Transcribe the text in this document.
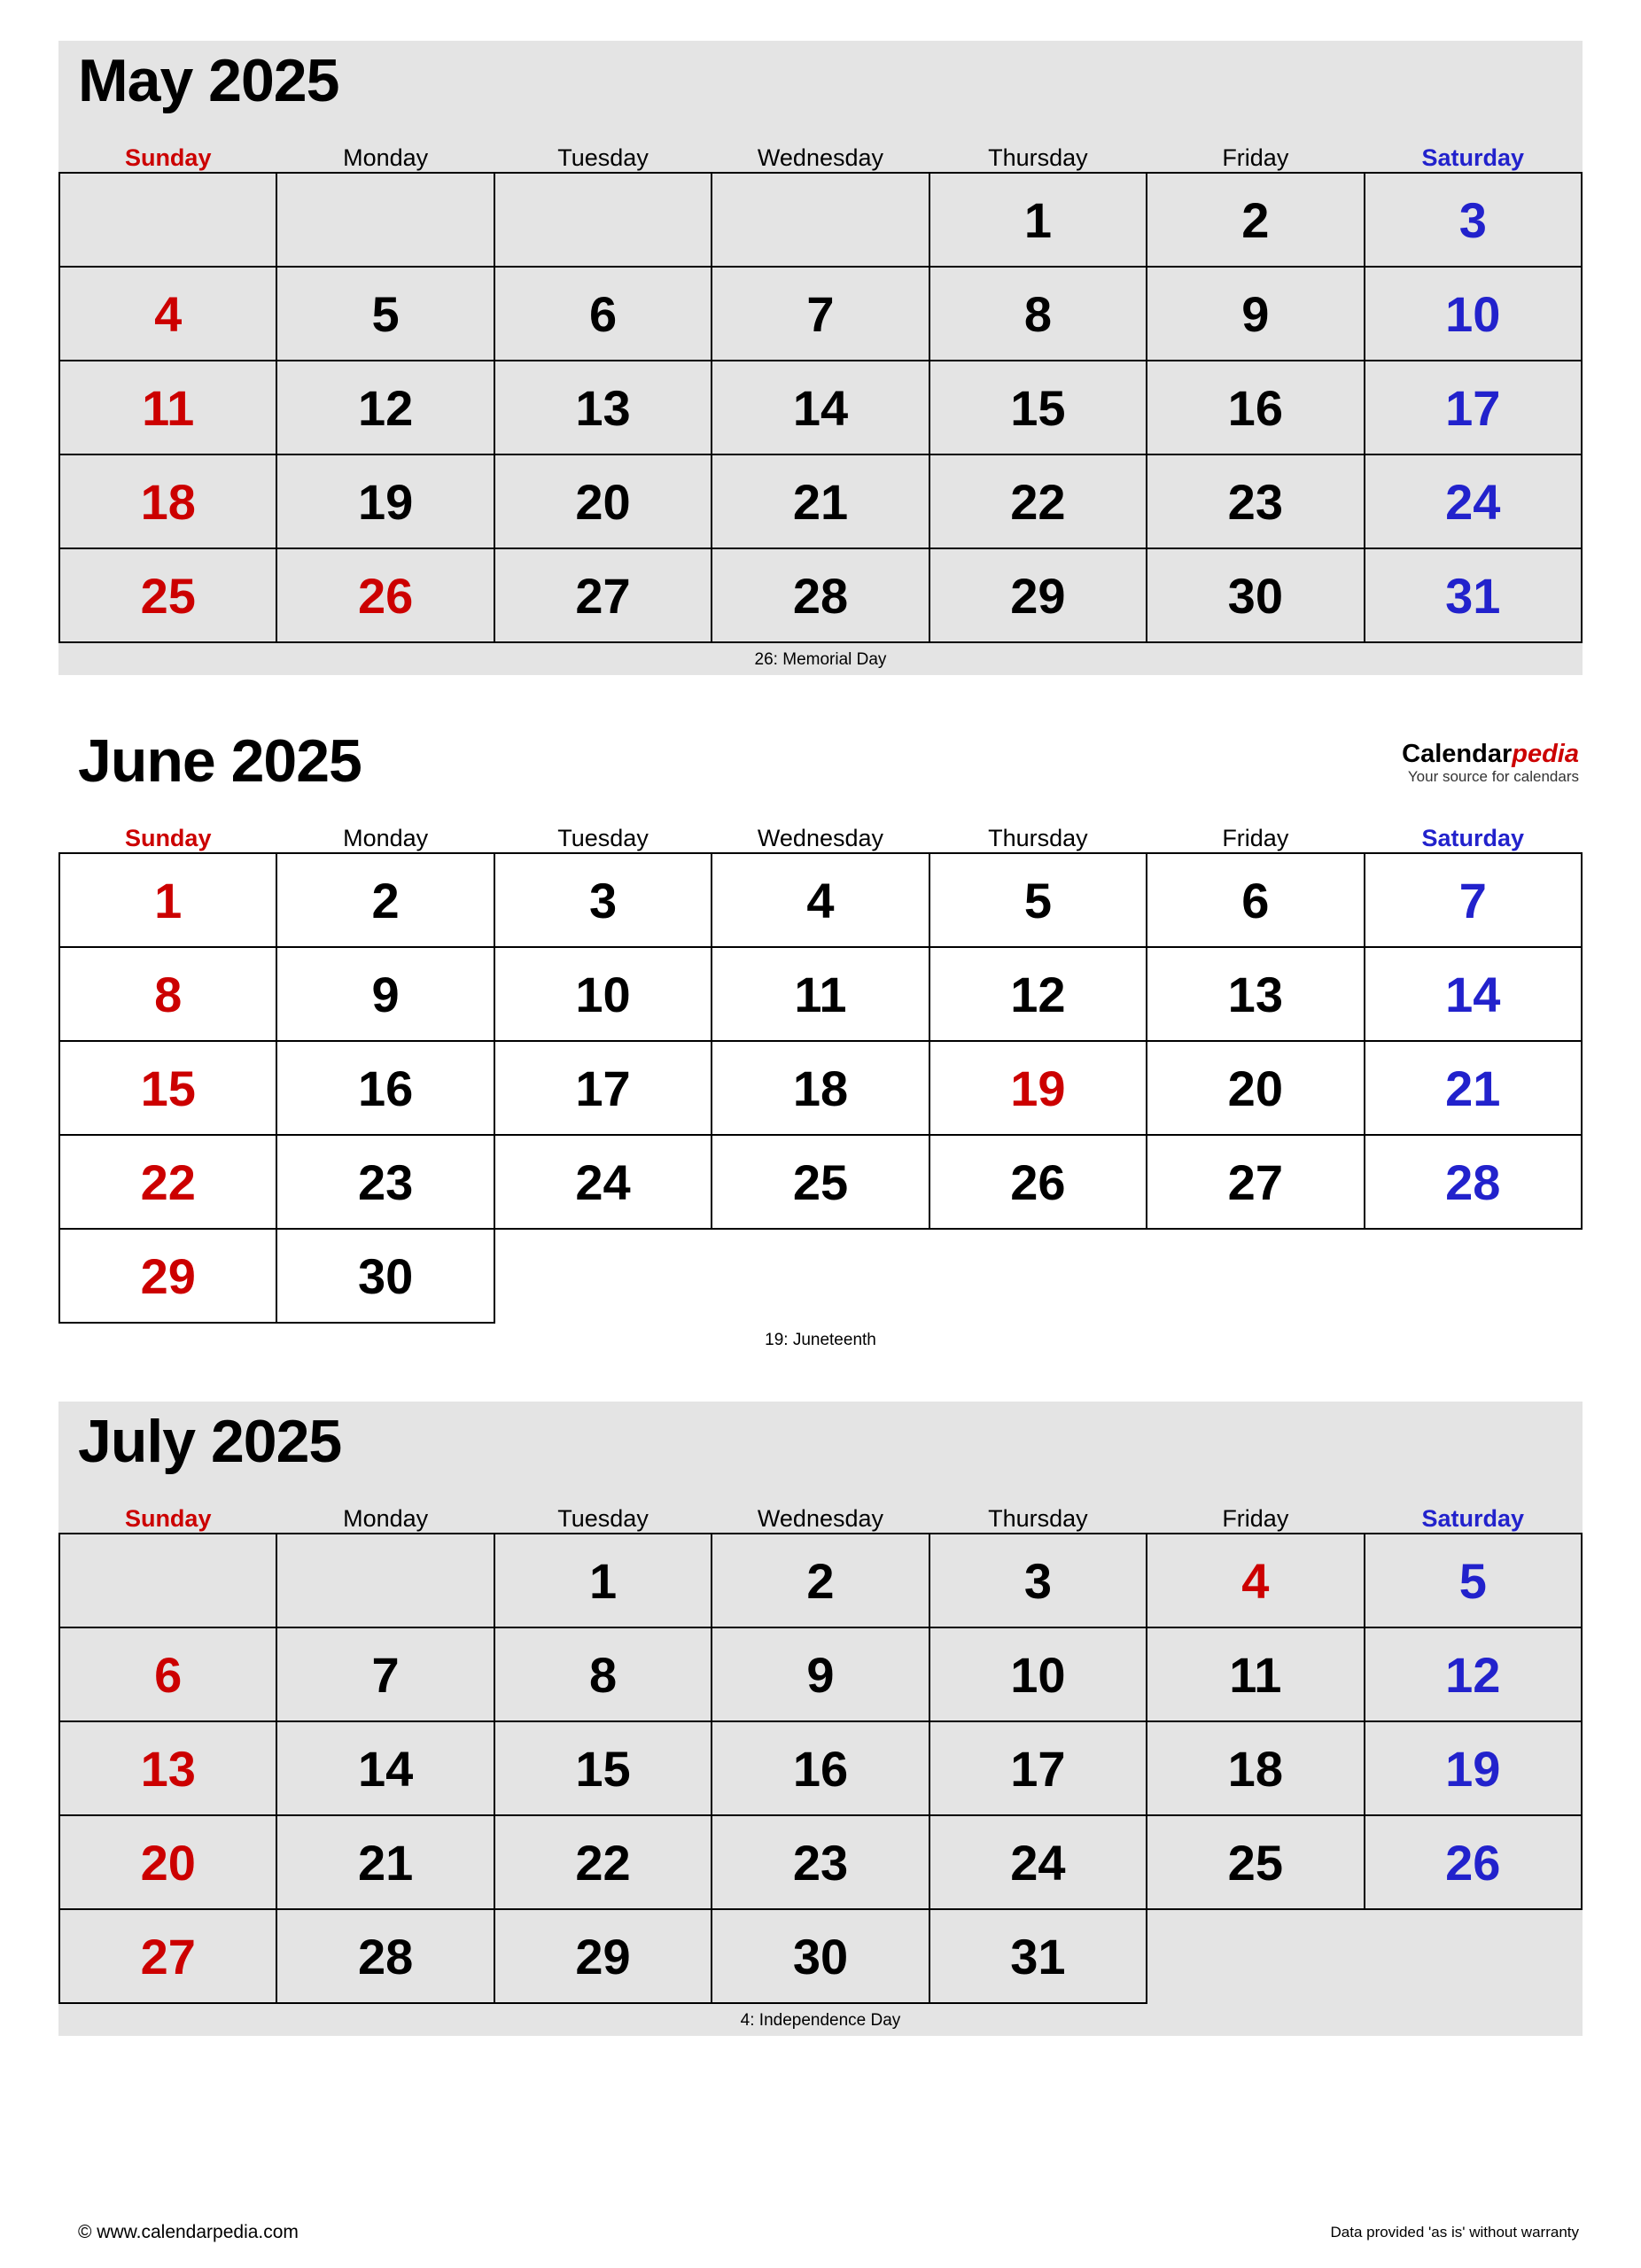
May 2025
Sunday	Monday	Tuesday	Wednesday	Thursday	Friday	Saturday
				1	2	3
4	5	6	7	8	9	10
11	12	13	14	15	16	17
18	19	20	21	22	23	24
25	26	27	28	29	30	31
26: Memorial Day
June 2025	Calendarpedia
Your source for calendars
Sunday	Monday	Tuesday	Wednesday	Thursday	Friday	Saturday
1	2	3	4	5	6	7
8	9	10	11	12	13	14
15	16	17	18	19	20	21
22	23	24	25	26	27	28
29	30					
19: Juneteenth
July 2025
Sunday	Monday	Tuesday	Wednesday	Thursday	Friday	Saturday
		1	2	3	4	5
6	7	8	9	10	11	12
13	14	15	16	17	18	19
20	21	22	23	24	25	26
27	28	29	30	31		
4: Independence Day
© www.calendarpedia.com	Data provided 'as is' without warranty
